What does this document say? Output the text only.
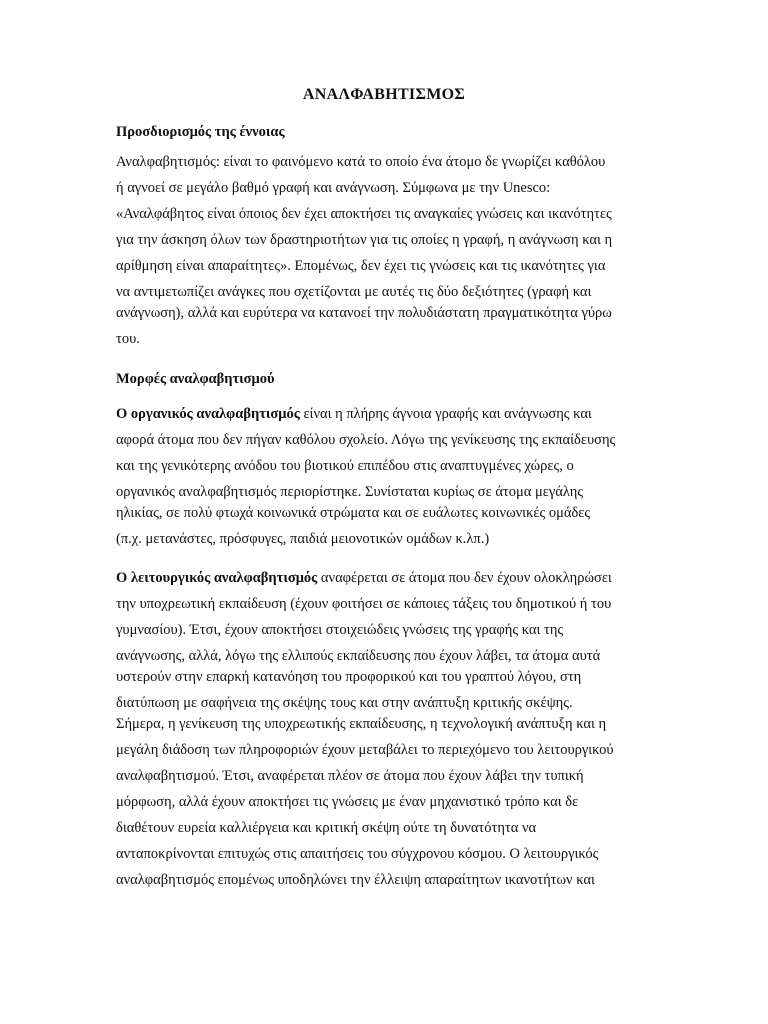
ΑΝΑΛΦΑΒΗΤΙΣΜΟΣ
Προσδιορισμός της έννοιας
Αναλφαβητισμός: είναι το φαινόμενο κατά το οποίο ένα άτομο δε γνωρίζει καθόλου
ή αγνοεί σε μεγάλο βαθμό γραφή και ανάγνωση. Σύμφωνα με την Unesco:
«Αναλφάβητος είναι όποιος δεν έχει αποκτήσει τις αναγκαίες γνώσεις και ικανότητες
για την άσκηση όλων των δραστηριοτήτων για τις οποίες η γραφή, η ανάγνωση και η
αρίθμηση είναι απαραίτητες». Επομένως, δεν έχει τις γνώσεις και τις ικανότητες για
να αντιμετωπίζει ανάγκες που σχετίζονται με αυτές τις δύο δεξιότητες (γραφή και
ανάγνωση), αλλά και ευρύτερα να κατανοεί την πολυδιάστατη πραγματικότητα γύρω
του.
Μορφές αναλφαβητισμού
Ο οργανικός αναλφαβητισμός είναι η πλήρης άγνοια γραφής και ανάγνωσης και
αφορά άτομα που δεν πήγαν καθόλου σχολείο. Λόγω της γενίκευσης της εκπαίδευσης
και της γενικότερης ανόδου του βιοτικού επιπέδου στις αναπτυγμένες χώρες, ο
οργανικός αναλφαβητισμός περιορίστηκε. Συνίσταται κυρίως σε άτομα μεγάλης
ηλικίας, σε πολύ φτωχά κοινωνικά στρώματα και σε ευάλωτες κοινωνικές ομάδες
(π.χ. μετανάστες, πρόσφυγες, παιδιά μειονοτικών ομάδων κ.λπ.)
Ο λειτουργικός αναλφαβητισμός αναφέρεται σε άτομα που δεν έχουν ολοκληρώσει
την υποχρεωτική εκπαίδευση (έχουν φοιτήσει σε κάποιες τάξεις του δημοτικού ή του
γυμνασίου). Έτσι, έχουν αποκτήσει στοιχειώδεις γνώσεις της γραφής και της
ανάγνωσης, αλλά, λόγω της ελλιπούς εκπαίδευσης που έχουν λάβει, τα άτομα αυτά
υστερούν στην επαρκή κατανόηση του προφορικού και του γραπτού λόγου, στη
διατύπωση με σαφήνεια της σκέψης τους και στην ανάπτυξη κριτικής σκέψης.
Σήμερα, η γενίκευση της υποχρεωτικής εκπαίδευσης, η τεχνολογική ανάπτυξη και η
μεγάλη διάδοση των πληροφοριών έχουν μεταβάλει το περιεχόμενο του λειτουργικού
αναλφαβητισμού. Έτσι, αναφέρεται πλέον σε άτομα που έχουν λάβει την τυπική
μόρφωση, αλλά έχουν αποκτήσει τις γνώσεις με έναν μηχανιστικό τρόπο και δε
διαθέτουν ευρεία καλλιέργεια και κριτική σκέψη ούτε τη δυνατότητα να
ανταποκρίνονται επιτυχώς στις απαιτήσεις του σύγχρονου κόσμου. Ο λειτουργικός
αναλφαβητισμός επομένως υποδηλώνει την έλλειψη απαραίτητων ικανοτήτων και
